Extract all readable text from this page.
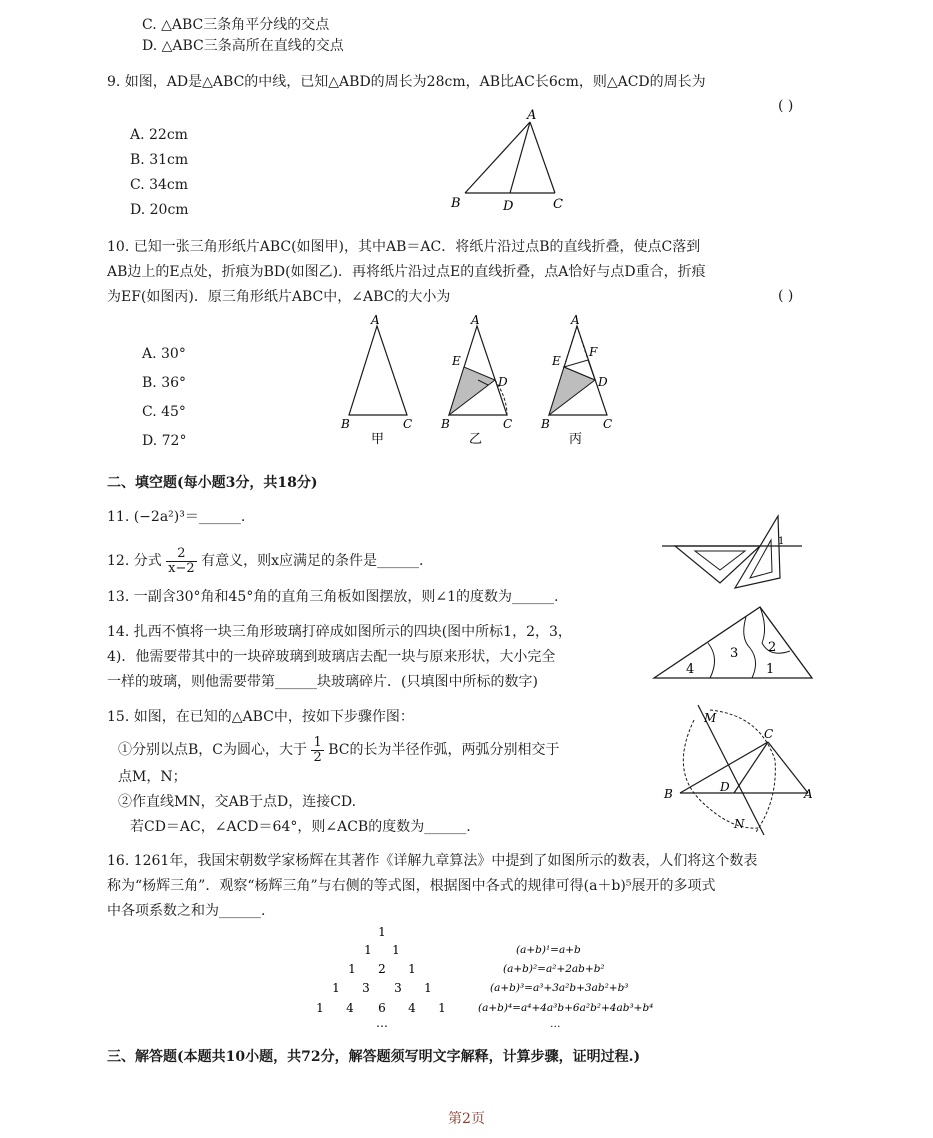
C. △ABC三条角平分线的交点
D. △ABC三条高所在直线的交点
9. 如图，AD是△ABC的中线，已知△ABD的周长为28cm，AB比AC长6cm，则△ACD的周长为
( )
A. 22cm
B. 31cm
C. 34cm
D. 20cm
A
B	D	C
10. 已知一张三角形纸片ABC(如图甲)，其中AB＝AC．将纸片沿过点B的直线折叠，使点C落到
AB边上的E点处，折痕为BD(如图乙)．再将纸片沿过点E的直线折叠，点A恰好与点D重合，折痕
为EF(如图丙)．原三角形纸片ABC中，∠ABC的大小为	( )
A. 30°
B. 36°
C. 45°
D. 72°
A
B	C
甲
A
E
D
B	C
乙
A
E
F
D
B	C
丙
二、填空题(每小题3分，共18分)
11. (−2a²)³＝______.
12. 分式 $\frac{2}{x-2}$ 有意义，则x应满足的条件是______.
13. 一副含30°角和45°角的直角三角板如图摆放，则∠1的度数为______.
1
14. 扎西不慎将一块三角形玻璃打碎成如图所示的四块(图中所标1，2，3，
4)．他需要带其中的一块碎玻璃到玻璃店去配一块与原来形状，大小完全
一样的玻璃，则他需要带第______块玻璃碎片．(只填图中所标的数字)
4
3
1
2
15. 如图，在已知的△ABC中，按如下步骤作图：
①分别以点B，C为圆心，大于 $\frac{1}{2}$ BC的长为半径作弧，两弧分别相交于
点M，N；
②作直线MN，交AB于点D，连接CD.
若CD＝AC，∠ACD＝64°，则∠ACB的度数为______.
M
C
B	D	A
N
16. 1261年，我国宋朝数学家杨辉在其著作《详解九章算法》中提到了如图所示的数表，人们将这个数表
称为“杨辉三角”．观察“杨辉三角”与右侧的等式图，根据图中各式的规律可得(a＋b)⁵展开的多项式
中各项系数之和为______.
1
1 1
1 2 1
1 3 3 1
1 4 6 4 1
…
(a+b)¹=a+b
(a+b)²=a²+2ab+b²
(a+b)³=a³+3a²b+3ab²+b³
(a+b)⁴=a⁴+4a³b+6a²b²+4ab³+b⁴
…
三、解答题(本题共10小题，共72分，解答题须写明文字解释，计算步骤，证明过程.)
第2页
